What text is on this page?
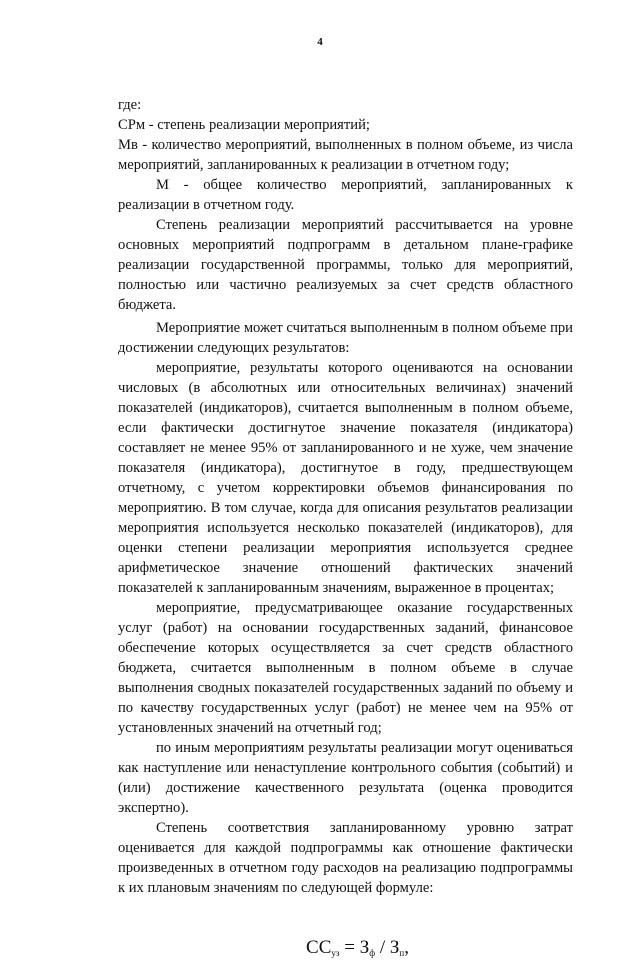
4

где:

СРм - степень реализации мероприятий;

Мв - количество мероприятий, выполненных в полном объеме, из числа мероприятий, запланированных к реализации в отчетном году;

М - общее количество мероприятий, запланированных к реализации в отчетном году.

Степень реализации мероприятий рассчитывается на уровне основных мероприятий подпрограмм в детальном плане-графике реализации государственной программы, только для мероприятий, полностью или частично реализуемых за счет средств областного бюджета.

Мероприятие может считаться выполненным в полном объеме при достижении следующих результатов:

мероприятие, результаты которого оцениваются на основании числовых (в абсолютных или относительных величинах) значений показателей (индикаторов), считается выполненным в полном объеме, если фактически достигнутое значение показателя (индикатора) составляет не менее 95% от запланированного и не хуже, чем значение показателя (индикатора), достигнутое в году, предшествующем отчетному, с учетом корректировки объемов финансирования по мероприятию. В том случае, когда для описания результатов реализации мероприятия используется несколько показателей (индикаторов), для оценки степени реализации мероприятия используется среднее арифметическое значение отношений фактических значений показателей к запланированным значениям, выраженное в процентах;

мероприятие, предусматривающее оказание государственных услуг (работ) на основании государственных заданий, финансовое обеспечение которых осуществляется за счет средств областного бюджета, считается выполненным в полном объеме в случае выполнения сводных показателей государственных заданий по объему и по качеству государственных услуг (работ) не менее чем на 95% от установленных значений на отчетный год;

по иным мероприятиям результаты реализации могут оцениваться как наступление или ненаступление контрольного события (событий) и (или) достижение качественного результата (оценка проводится экспертно).

Степень соответствия запланированному уровню затрат оценивается для каждой подпрограммы как отношение фактически произведенных в отчетном году расходов на реализацию подпрограммы к их плановым значениям по следующей формуле:

$СС_{уз} = З_ф / З_п$,
